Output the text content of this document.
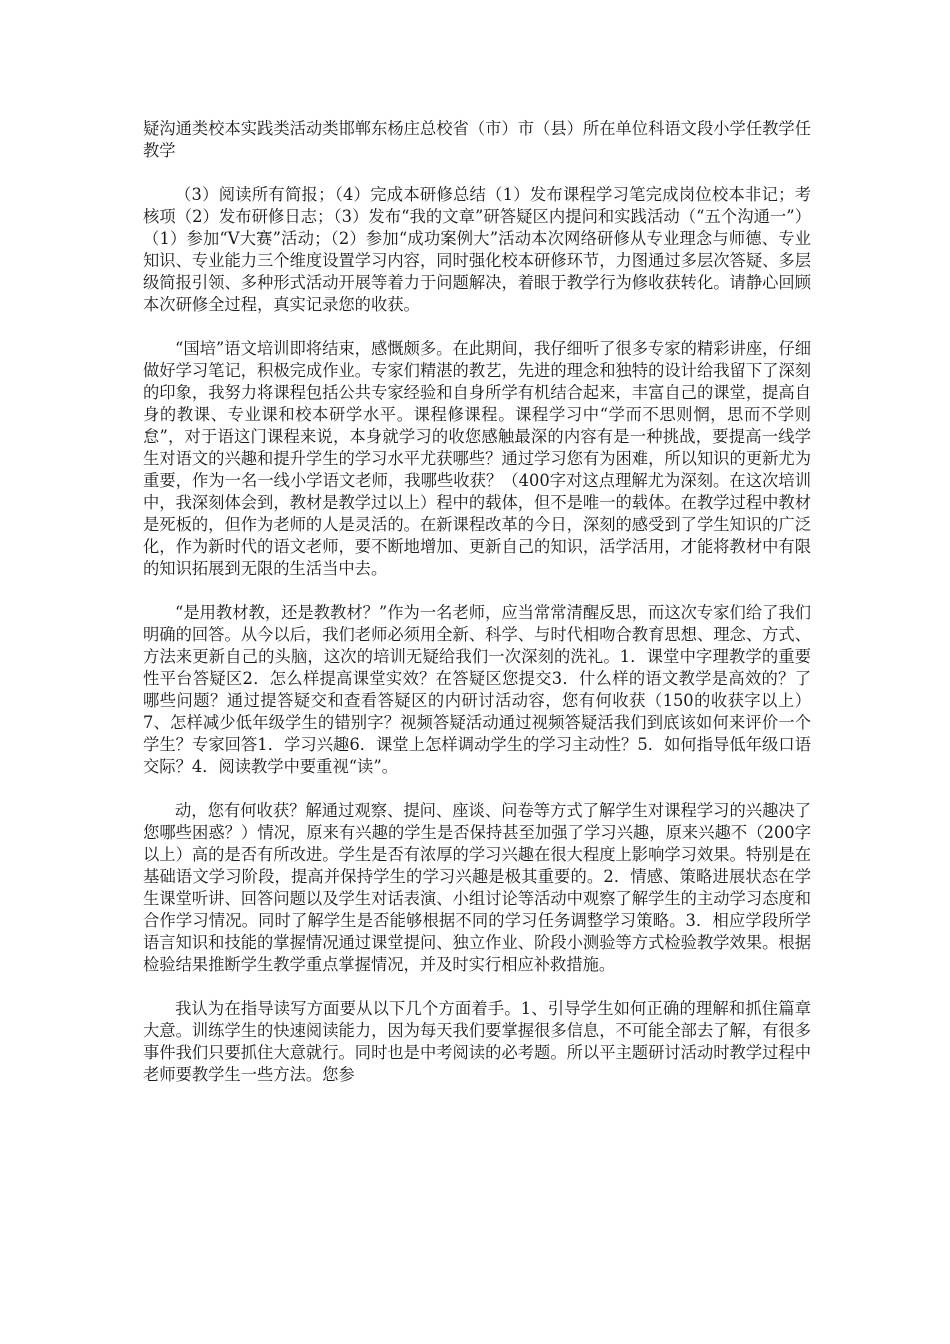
疑沟通类校本实践类活动类邯郸东杨庄总校省（市）市（县）所在单位科语文段小学任教学任教学

（3）阅读所有简报；（4）完成本研修总结（1）发布课程学习笔完成岗位校本非记；考核项（2）发布研修日志；（3）发布“我的文章”研答疑区内提问和实践活动（“五个沟通一”）（1）参加“V大赛”活动；（2）参加“成功案例大”活动本次网络研修从专业理念与师德、专业知识、专业能力三个维度设置学习内容，同时强化校本研修环节，力图通过多层次答疑、多层级简报引领、多种形式活动开展等着力于问题解决，着眼于教学行为修收获转化。请静心回顾本次研修全过程，真实记录您的收获。

“国培”语文培训即将结束，感慨颇多。在此期间，我仔细听了很多专家的精彩讲座，仔细做好学习笔记，积极完成作业。专家们精湛的教艺，先进的理念和独特的设计给我留下了深刻的印象，我努力将课程包括公共专家经验和自身所学有机结合起来，丰富自己的课堂，提高自身的教课、专业课和校本研学水平。课程修课程。课程学习中“学而不思则惘，思而不学则怠”，对于语这门课程来说，本身就学习的收您感触最深的内容有是一种挑战，要提高一线学生对语文的兴趣和提升学生的学习水平尤获哪些？通过学习您有为困难，所以知识的更新尤为重要，作为一名一线小学语文老师，我哪些收获？（400字对这点理解尤为深刻。在这次培训中，我深刻体会到，教材是教学过以上）程中的载体，但不是唯一的载体。在教学过程中教材是死板的，但作为老师的人是灵活的。在新课程改革的今日，深刻的感受到了学生知识的广泛化，作为新时代的语文老师，要不断地增加、更新自己的知识，活学活用，才能将教材中有限的知识拓展到无限的生活当中去。

“是用教材教，还是教教材？”作为一名老师，应当常常清醒反思，而这次专家们给了我们明确的回答。从今以后，我们老师必须用全新、科学、与时代相吻合教育思想、理念、方式、方法来更新自己的头脑，这次的培训无疑给我们一次深刻的洗礼。1．课堂中字理教学的重要性平台答疑区2．怎么样提高课堂实效？在答疑区您提交3．什么样的语文教学是高效的？了哪些问题？通过提答疑交和查看答疑区的内研讨活动容，您有何收获（150的收获字以上）7、怎样减少低年级学生的错别字？视频答疑活动通过视频答疑活我们到底该如何来评价一个学生？专家回答1．学习兴趣6．课堂上怎样调动学生的学习主动性？5．如何指导低年级口语交际？4．阅读教学中要重视“读”。

动，您有何收获？解通过观察、提问、座谈、问卷等方式了解学生对课程学习的兴趣决了您哪些困惑？）情况，原来有兴趣的学生是否保持甚至加强了学习兴趣，原来兴趣不（200字以上）高的是否有所改进。学生是否有浓厚的学习兴趣在很大程度上影响学习效果。特别是在基础语文学习阶段，提高并保持学生的学习兴趣是极其重要的。2．情感、策略进展状态在学生课堂听讲、回答问题以及学生对话表演、小组讨论等活动中观察了解学生的主动学习态度和合作学习情况。同时了解学生是否能够根据不同的学习任务调整学习策略。3．相应学段所学语言知识和技能的掌握情况通过课堂提问、独立作业、阶段小测验等方式检验教学效果。根据检验结果推断学生教学重点掌握情况，并及时实行相应补救措施。

我认为在指导读写方面要从以下几个方面着手。1、引导学生如何正确的理解和抓住篇章大意。训练学生的快速阅读能力，因为每天我们要掌握很多信息，不可能全部去了解，有很多事件我们只要抓住大意就行。同时也是中考阅读的必考题。所以平主题研讨活动时教学过程中老师要教学生一些方法。您参
